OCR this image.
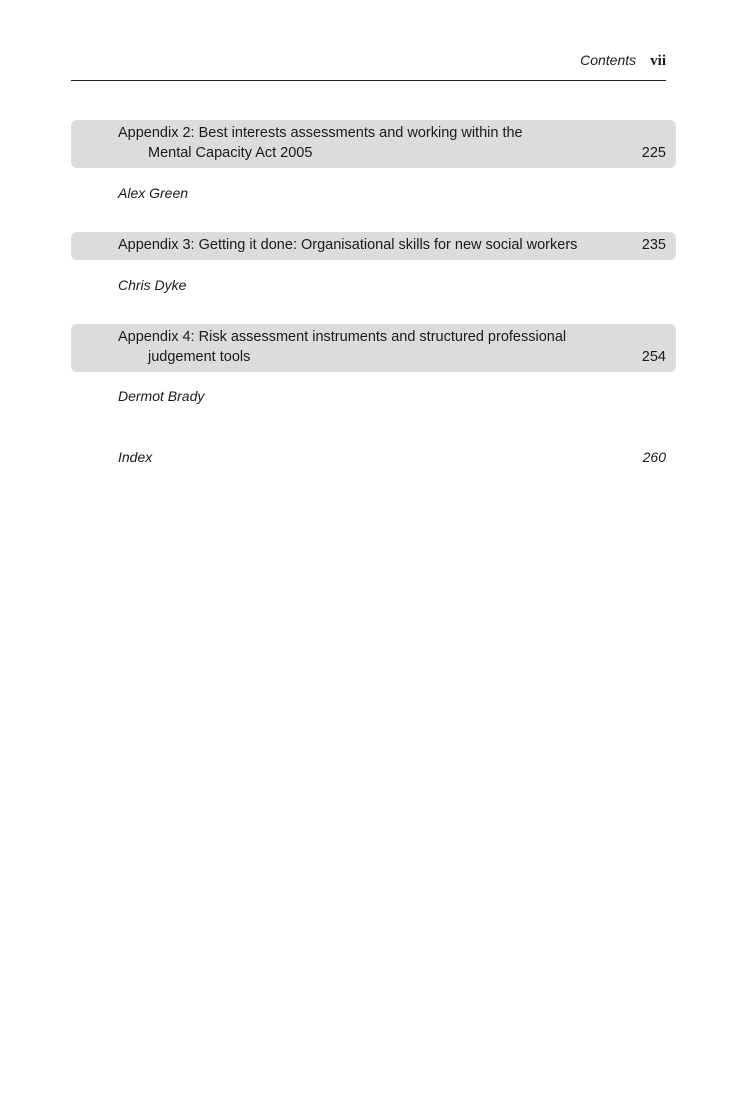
Contents vii
Appendix 2: Best interests assessments and working within the
Mental Capacity Act 2005	225
Alex Green
Appendix 3: Getting it done: Organisational skills for new social workers	235
Chris Dyke
Appendix 4: Risk assessment instruments and structured professional
judgement tools	254
Dermot Brady
Index	260
